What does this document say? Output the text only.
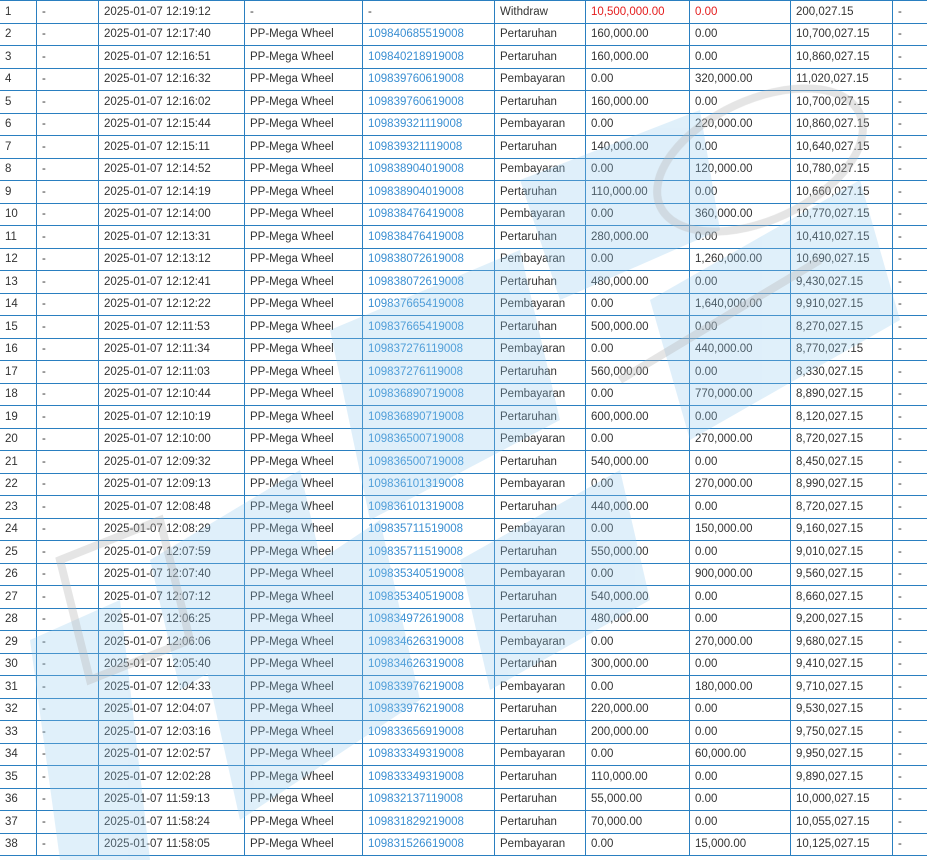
1	-	2025-01-07 12:19:12	-	-	Withdraw	10,500,000.00	0.00	200,027.15	-
2	-	2025-01-07 12:17:40	PP-Mega Wheel	109840685519008	Pertaruhan	160,000.00	0.00	10,700,027.15	-
3	-	2025-01-07 12:16:51	PP-Mega Wheel	109840218919008	Pertaruhan	160,000.00	0.00	10,860,027.15	-
4	-	2025-01-07 12:16:32	PP-Mega Wheel	109839760619008	Pembayaran	0.00	320,000.00	11,020,027.15	-
5	-	2025-01-07 12:16:02	PP-Mega Wheel	109839760619008	Pertaruhan	160,000.00	0.00	10,700,027.15	-
6	-	2025-01-07 12:15:44	PP-Mega Wheel	109839321119008	Pembayaran	0.00	220,000.00	10,860,027.15	-
7	-	2025-01-07 12:15:11	PP-Mega Wheel	109839321119008	Pertaruhan	140,000.00	0.00	10,640,027.15	-
8	-	2025-01-07 12:14:52	PP-Mega Wheel	109838904019008	Pembayaran	0.00	120,000.00	10,780,027.15	-
9	-	2025-01-07 12:14:19	PP-Mega Wheel	109838904019008	Pertaruhan	110,000.00	0.00	10,660,027.15	-
10	-	2025-01-07 12:14:00	PP-Mega Wheel	109838476419008	Pembayaran	0.00	360,000.00	10,770,027.15	-
11	-	2025-01-07 12:13:31	PP-Mega Wheel	109838476419008	Pertaruhan	280,000.00	0.00	10,410,027.15	-
12	-	2025-01-07 12:13:12	PP-Mega Wheel	109838072619008	Pembayaran	0.00	1,260,000.00	10,690,027.15	-
13	-	2025-01-07 12:12:41	PP-Mega Wheel	109838072619008	Pertaruhan	480,000.00	0.00	9,430,027.15	-
14	-	2025-01-07 12:12:22	PP-Mega Wheel	109837665419008	Pembayaran	0.00	1,640,000.00	9,910,027.15	-
15	-	2025-01-07 12:11:53	PP-Mega Wheel	109837665419008	Pertaruhan	500,000.00	0.00	8,270,027.15	-
16	-	2025-01-07 12:11:34	PP-Mega Wheel	109837276119008	Pembayaran	0.00	440,000.00	8,770,027.15	-
17	-	2025-01-07 12:11:03	PP-Mega Wheel	109837276119008	Pertaruhan	560,000.00	0.00	8,330,027.15	-
18	-	2025-01-07 12:10:44	PP-Mega Wheel	109836890719008	Pembayaran	0.00	770,000.00	8,890,027.15	-
19	-	2025-01-07 12:10:19	PP-Mega Wheel	109836890719008	Pertaruhan	600,000.00	0.00	8,120,027.15	-
20	-	2025-01-07 12:10:00	PP-Mega Wheel	109836500719008	Pembayaran	0.00	270,000.00	8,720,027.15	-
21	-	2025-01-07 12:09:32	PP-Mega Wheel	109836500719008	Pertaruhan	540,000.00	0.00	8,450,027.15	-
22	-	2025-01-07 12:09:13	PP-Mega Wheel	109836101319008	Pembayaran	0.00	270,000.00	8,990,027.15	-
23	-	2025-01-07 12:08:48	PP-Mega Wheel	109836101319008	Pertaruhan	440,000.00	0.00	8,720,027.15	-
24	-	2025-01-07 12:08:29	PP-Mega Wheel	109835711519008	Pembayaran	0.00	150,000.00	9,160,027.15	-
25	-	2025-01-07 12:07:59	PP-Mega Wheel	109835711519008	Pertaruhan	550,000.00	0.00	9,010,027.15	-
26	-	2025-01-07 12:07:40	PP-Mega Wheel	109835340519008	Pembayaran	0.00	900,000.00	9,560,027.15	-
27	-	2025-01-07 12:07:12	PP-Mega Wheel	109835340519008	Pertaruhan	540,000.00	0.00	8,660,027.15	-
28	-	2025-01-07 12:06:25	PP-Mega Wheel	109834972619008	Pertaruhan	480,000.00	0.00	9,200,027.15	-
29	-	2025-01-07 12:06:06	PP-Mega Wheel	109834626319008	Pembayaran	0.00	270,000.00	9,680,027.15	-
30	-	2025-01-07 12:05:40	PP-Mega Wheel	109834626319008	Pertaruhan	300,000.00	0.00	9,410,027.15	-
31	-	2025-01-07 12:04:33	PP-Mega Wheel	109833976219008	Pembayaran	0.00	180,000.00	9,710,027.15	-
32	-	2025-01-07 12:04:07	PP-Mega Wheel	109833976219008	Pertaruhan	220,000.00	0.00	9,530,027.15	-
33	-	2025-01-07 12:03:16	PP-Mega Wheel	109833656919008	Pertaruhan	200,000.00	0.00	9,750,027.15	-
34	-	2025-01-07 12:02:57	PP-Mega Wheel	109833349319008	Pembayaran	0.00	60,000.00	9,950,027.15	-
35	-	2025-01-07 12:02:28	PP-Mega Wheel	109833349319008	Pertaruhan	110,000.00	0.00	9,890,027.15	-
36	-	2025-01-07 11:59:13	PP-Mega Wheel	109832137119008	Pertaruhan	55,000.00	0.00	10,000,027.15	-
37	-	2025-01-07 11:58:24	PP-Mega Wheel	109831829219008	Pertaruhan	70,000.00	0.00	10,055,027.15	-
38	-	2025-01-07 11:58:05	PP-Mega Wheel	109831526619008	Pembayaran	0.00	15,000.00	10,125,027.15	-
